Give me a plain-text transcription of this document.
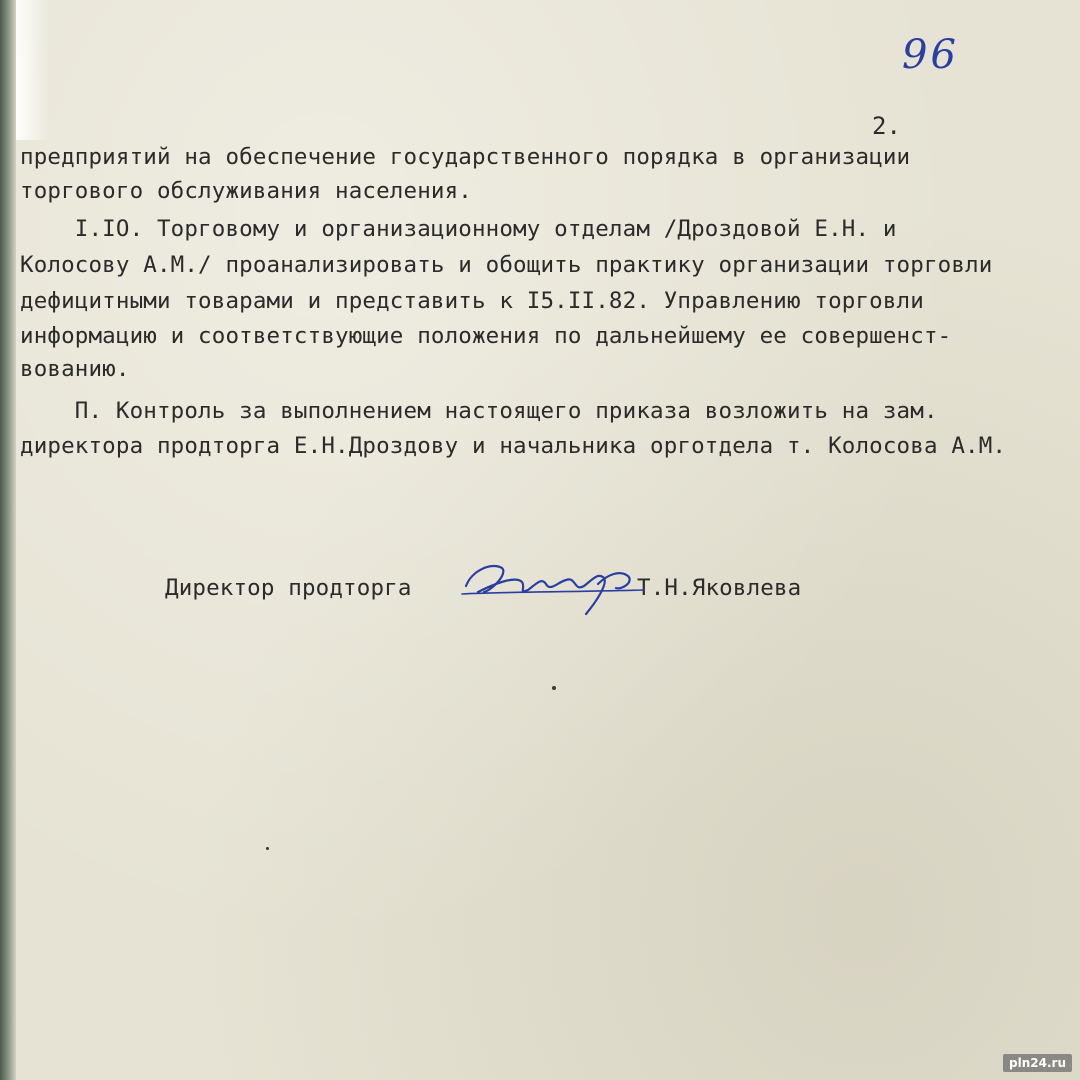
96
2.

предприятий на обеспечение государственного порядка в организации

торгового обслуживания населения.

I.IO. Торговому и организационному отделам /Дроздовой Е.Н. и

Колосову А.М./ проанализировать и обощить практику организации торговли

дефицитными товарами и представить к I5.II.82. Управлению торговли

информацию и соответствующие положения по дальнейшему ее совершенст-

вованию.

П. Контроль за выполнением настоящего приказа возложить на зам.

директора продторга Е.Н.Дроздову и начальника орготдела т. Колосова А.М.

Директор продторга	Т.Н.Яковлева

pln24.ru
